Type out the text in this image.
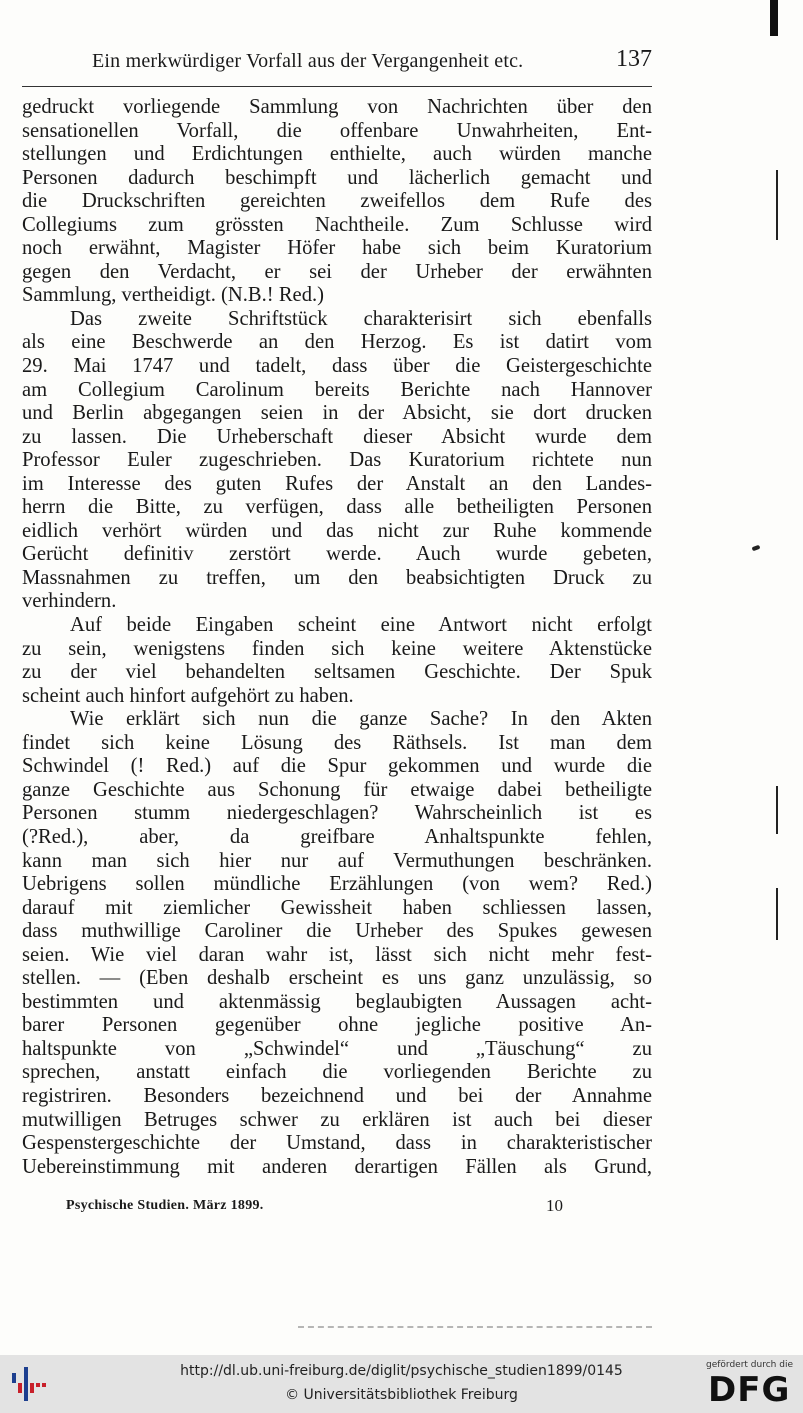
Ein merkwürdiger Vorfall aus der Vergangenheit etc.	137
gedruckt vorliegende Sammlung von Nachrichten über den
sensationellen Vorfall, die offenbare Unwahrheiten, Ent-
stellungen und Erdichtungen enthielte, auch würden manche
Personen dadurch beschimpft und lächerlich gemacht und
die Druckschriften gereichten zweifellos dem Rufe des
Collegiums zum grössten Nachtheile. Zum Schlusse wird
noch erwähnt, Magister Höfer habe sich beim Kuratorium
gegen den Verdacht, er sei der Urheber der erwähnten
Sammlung, vertheidigt. (N.B.! Red.)
Das zweite Schriftstück charakterisirt sich ebenfalls
als eine Beschwerde an den Herzog. Es ist datirt vom
29. Mai 1747 und tadelt, dass über die Geistergeschichte
am Collegium Carolinum bereits Berichte nach Hannover
und Berlin abgegangen seien in der Absicht, sie dort drucken
zu lassen. Die Urheberschaft dieser Absicht wurde dem
Professor Euler zugeschrieben. Das Kuratorium richtete nun
im Interesse des guten Rufes der Anstalt an den Landes-
herrn die Bitte, zu verfügen, dass alle betheiligten Personen
eidlich verhört würden und das nicht zur Ruhe kommende
Gerücht definitiv zerstört werde. Auch wurde gebeten,
Massnahmen zu treffen, um den beabsichtigten Druck zu
verhindern.
Auf beide Eingaben scheint eine Antwort nicht erfolgt
zu sein, wenigstens finden sich keine weitere Aktenstücke
zu der viel behandelten seltsamen Geschichte. Der Spuk
scheint auch hinfort aufgehört zu haben.
Wie erklärt sich nun die ganze Sache? In den Akten
findet sich keine Lösung des Räthsels. Ist man dem
Schwindel (! Red.) auf die Spur gekommen und wurde die
ganze Geschichte aus Schonung für etwaige dabei betheiligte
Personen stumm niedergeschlagen? Wahrscheinlich ist es
(?Red.), aber, da greifbare Anhaltspunkte fehlen,
kann man sich hier nur auf Vermuthungen beschränken.
Uebrigens sollen mündliche Erzählungen (von wem? Red.)
darauf mit ziemlicher Gewissheit haben schliessen lassen,
dass muthwillige Caroliner die Urheber des Spukes gewesen
seien. Wie viel daran wahr ist, lässt sich nicht mehr fest-
stellen. — (Eben deshalb erscheint es uns ganz unzulässig, so
bestimmten und aktenmässig beglaubigten Aussagen acht-
barer Personen gegenüber ohne jegliche positive An-
haltspunkte von „Schwindel“ und „Täuschung“ zu
sprechen, anstatt einfach die vorliegenden Berichte zu
registriren. Besonders bezeichnend und bei der Annahme
mutwilligen Betruges schwer zu erklären ist auch bei dieser
Gespenstergeschichte der Umstand, dass in charakteristischer
Uebereinstimmung mit anderen derartigen Fällen als Grund,
Psychische Studien. März 1899.	10
http://dl.ub.uni-freiburg.de/diglit/psychische_studien1899/0145
© Universitätsbibliothek Freiburg
gefördert durch die
DFG
